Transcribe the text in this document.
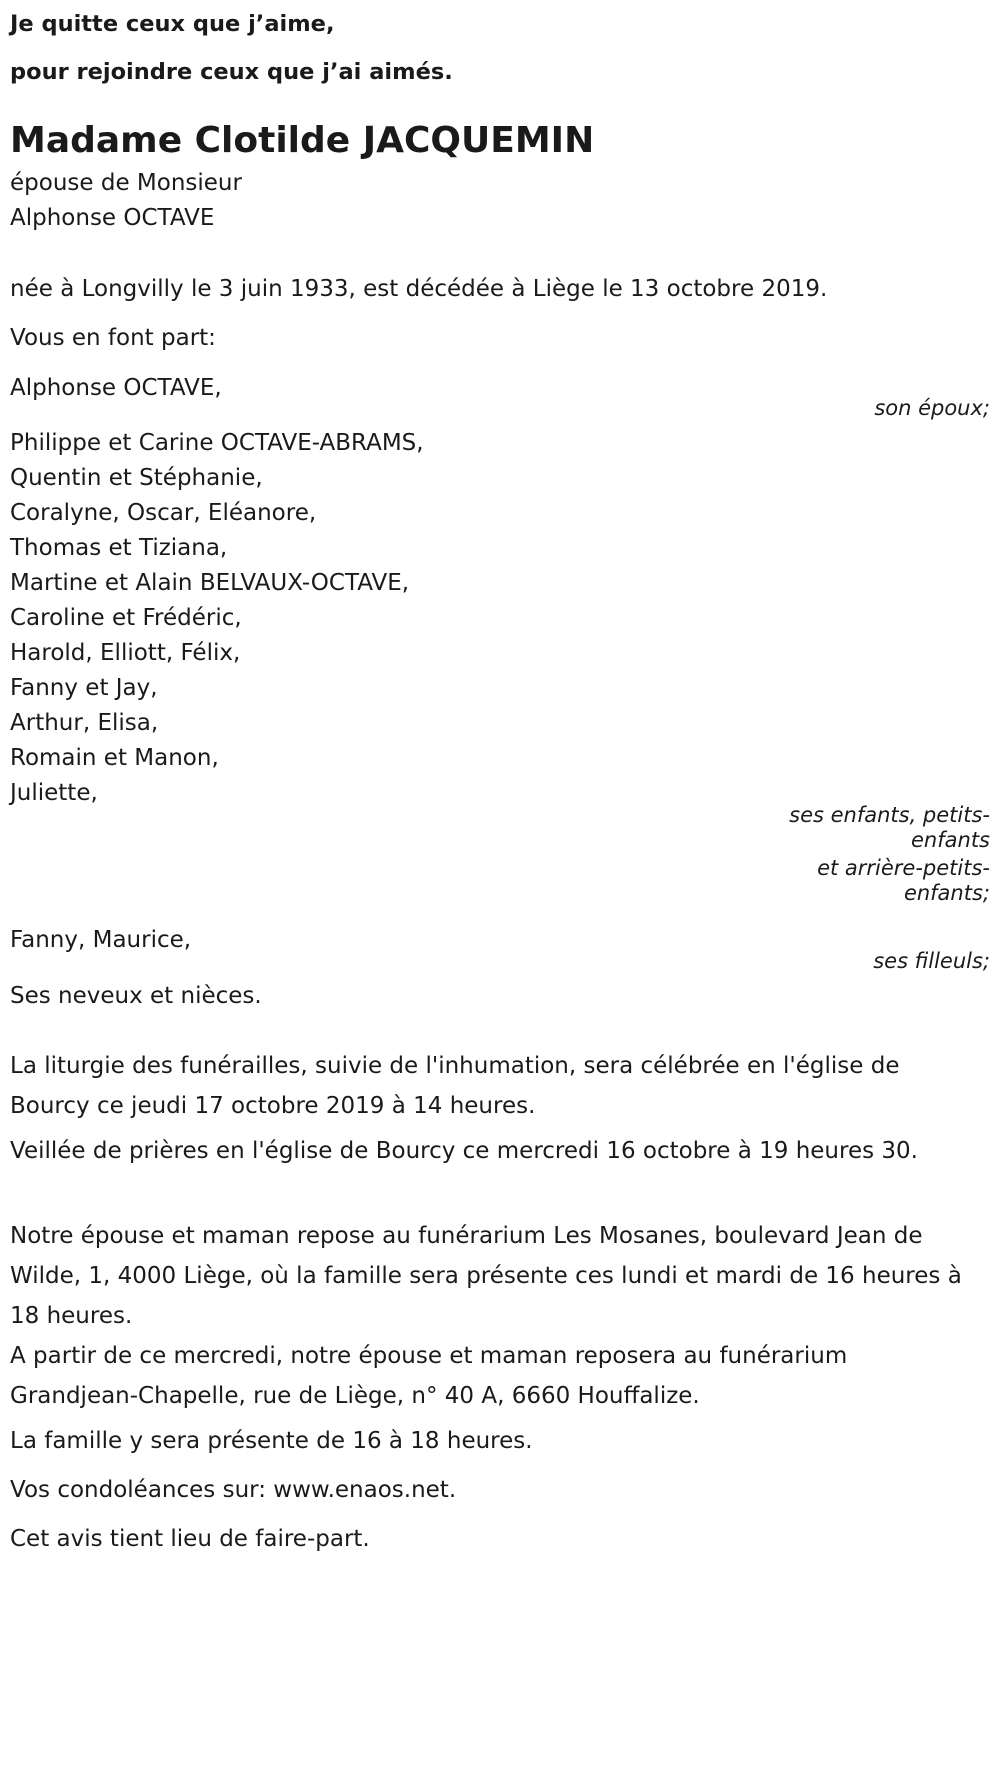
Je quitte ceux que j’aime,
pour rejoindre ceux que j’ai aimés.
Madame Clotilde JACQUEMIN
épouse de Monsieur
Alphonse OCTAVE
née à Longvilly le 3 juin 1933, est décédée à Liège le 13 octobre 2019.
Vous en font part:
Alphonse OCTAVE,
son époux;
Philippe et Carine OCTAVE-ABRAMS,
Quentin et Stéphanie,
Coralyne, Oscar, Eléanore,
Thomas et Tiziana,
Martine et Alain BELVAUX-OCTAVE,
Caroline et Frédéric,
Harold, Elliott, Félix,
Fanny et Jay,
Arthur, Elisa,
Romain et Manon,
Juliette,
ses enfants, petits-enfants
et arrière-petits-enfants;
Fanny, Maurice,
ses filleuls;
Ses neveux et nièces.
La liturgie des funérailles, suivie de l'inhumation, sera célébrée en l'église de Bourcy ce jeudi 17 octobre 2019 à 14 heures.
Veillée de prières en l'église de Bourcy ce mercredi 16 octobre à 19 heures 30.
Notre épouse et maman repose au funérarium Les Mosanes, boulevard Jean de Wilde, 1, 4000 Liège, où la famille sera présente ces lundi et mardi de 16 heures à 18 heures.
A partir de ce mercredi, notre épouse et maman reposera au funérarium Grandjean-Chapelle, rue de Liège, n° 40 A, 6660 Houffalize.
La famille y sera présente de 16 à 18 heures.
Vos condoléances sur: www.enaos.net.
Cet avis tient lieu de faire-part.
